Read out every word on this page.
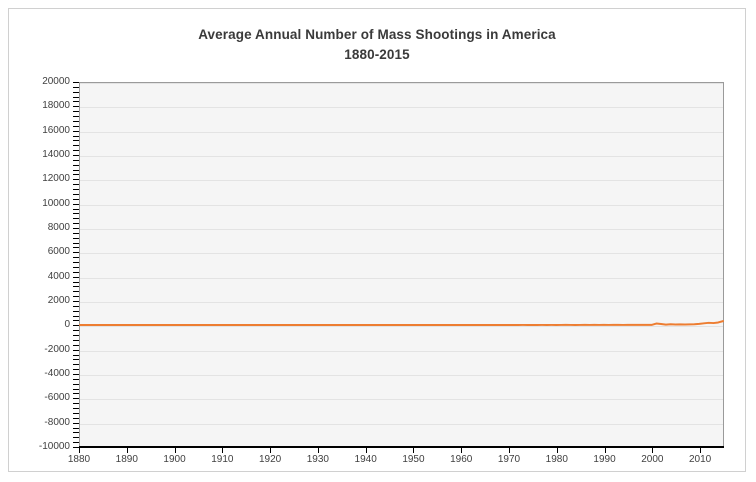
Average Annual Number of Mass Shootings in America
1880-2015
20000
18000
16000
14000
12000
10000
8000
6000
4000
2000
0
-2000
-4000
-6000
-8000
-10000
1880	1890	1900	1910	1920	1930	1940	1950	1960	1970	1980	1990	2000	2010
